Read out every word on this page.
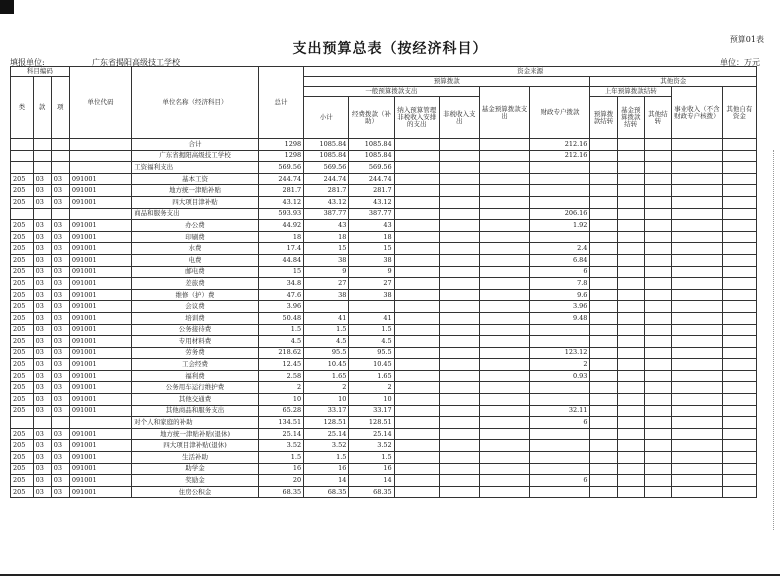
预算01表
支出预算总表（按经济科目）
填报单位:	广东省揭阳高级技工学校	单位：万元
科目编码			单位代码	单位名称（经济科目）	总计	资金来源										
类	款	项				预算拨款						其他资金				
						一般预算拨款支出				基金预算拨款支出	财政专户拨款	上年预算拨款结转			事业收入（不含财政专户核拨）	其他自有资金
						小计	经费拨款（补助）	纳入预算管理非税收入安排的支出	非税收入支出			预算拨款结转	基金预算拨款结转	其他结转		
				合计	1298	1085.84	1085.84				212.16					
				广东省揭阳高级技工学校	1298	1085.84	1085.84				212.16					
				工资福利支出	569.56	569.56	569.56									
205	03	03	091001	基本工资	244.74	244.74	244.74									
205	03	03	091001	地方统一津贴补贴	281.7	281.7	281.7									
205	03	03	091001	四大项目津补贴	43.12	43.12	43.12									
				商品和服务支出	593.93	387.77	387.77				206.16					
205	03	03	091001	办公费	44.92	43	43				1.92					
205	03	03	091001	印刷费	18	18	18									
205	03	03	091001	水费	17.4	15	15				2.4					
205	03	03	091001	电费	44.84	38	38				6.84					
205	03	03	091001	邮电费	15	9	9				6					
205	03	03	091001	差旅费	34.8	27	27				7.8					
205	03	03	091001	维修（护）费	47.6	38	38				9.6					
205	03	03	091001	会议费	3.96						3.96					
205	03	03	091001	培训费	50.48	41	41				9.48					
205	03	03	091001	公务接待费	1.5	1.5	1.5									
205	03	03	091001	专用材料费	4.5	4.5	4.5									
205	03	03	091001	劳务费	218.62	95.5	95.5				123.12					
205	03	03	091001	工会经费	12.45	10.45	10.45				2					
205	03	03	091001	福利费	2.58	1.65	1.65				0.93					
205	03	03	091001	公务用车运行维护费	2	2	2									
205	03	03	091001	其他交通费	10	10	10									
205	03	03	091001	其他商品和服务支出	65.28	33.17	33.17				32.11					
				对个人和家庭的补助	134.51	128.51	128.51				6					
205	03	03	091001	地方统一津贴补贴(退休)	25.14	25.14	25.14									
205	03	03	091001	四大项目津补贴(退休)	3.52	3.52	3.52									
205	03	03	091001	生活补助	1.5	1.5	1.5									
205	03	03	091001	助学金	16	16	16									
205	03	03	091001	奖励金	20	14	14				6					
205	03	03	091001	住房公积金	68.35	68.35	68.35									
